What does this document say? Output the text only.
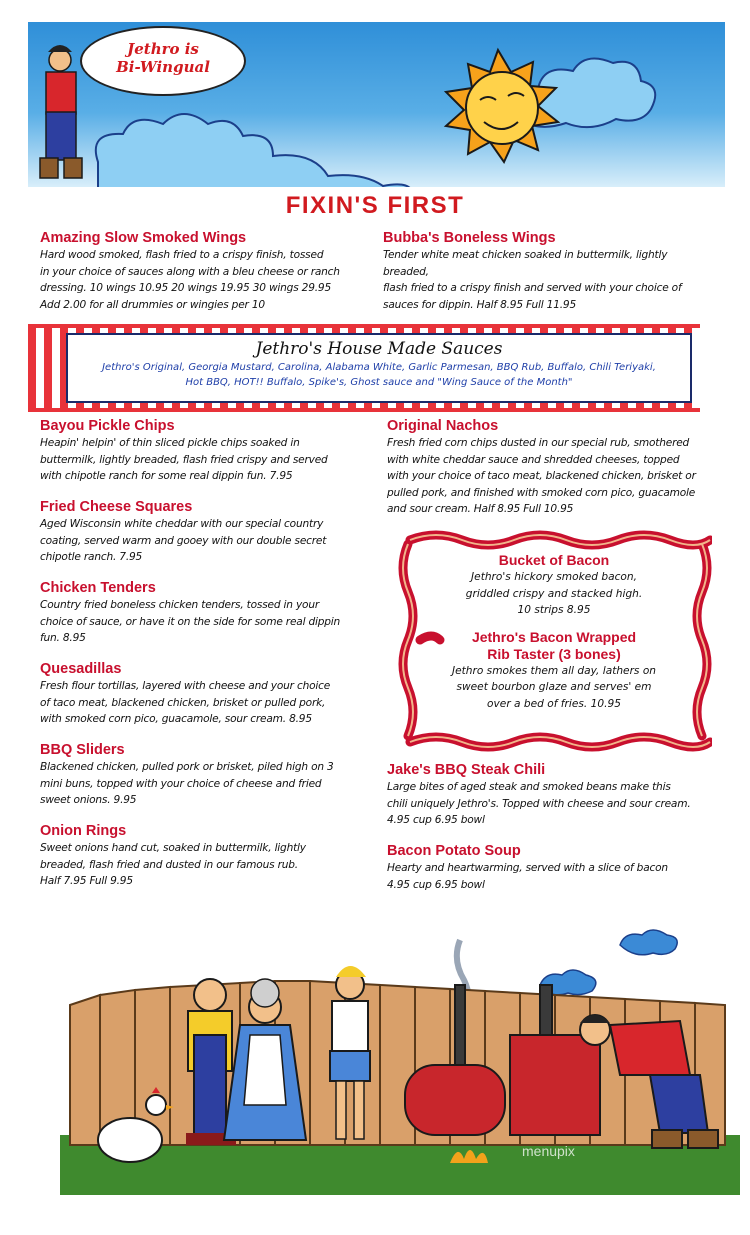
Jethro is
Bi-Wingual
FIXIN'S FIRST
Amazing Slow Smoked Wings
Hard wood smoked, flash fried to a crispy finish, tossed
in your choice of sauces along with a bleu cheese or ranch
dressing. 10 wings 10.95 20 wings 19.95 30 wings 29.95
Add 2.00 for all drummies or wingies per 10
Bubba's Boneless Wings
Tender white meat chicken soaked in buttermilk, lightly breaded,
flash fried to a crispy finish and served with your choice of
sauces for dippin. Half 8.95 Full 11.95
Jethro's House Made Sauces
Jethro's Original, Georgia Mustard, Carolina, Alabama White, Garlic Parmesan, BBQ Rub, Buffalo, Chili Teriyaki,
Hot BBQ, HOT!! Buffalo, Spike's, Ghost sauce and "Wing Sauce of the Month"
Bayou Pickle Chips
Heapin' helpin' of thin sliced pickle chips soaked in
buttermilk, lightly breaded, flash fried crispy and served
with chipotle ranch for some real dippin fun. 7.95
Fried Cheese Squares
Aged Wisconsin white cheddar with our special country
coating, served warm and gooey with our double secret
chipotle ranch. 7.95
Chicken Tenders
Country fried boneless chicken tenders, tossed in your
choice of sauce, or have it on the side for some real dippin
fun. 8.95
Quesadillas
Fresh flour tortillas, layered with cheese and your choice
of taco meat, blackened chicken, brisket or pulled pork,
with smoked corn pico, guacamole, sour cream. 8.95
BBQ Sliders
Blackened chicken, pulled pork or brisket, piled high on 3
mini buns, topped with your choice of cheese and fried
sweet onions. 9.95
Onion Rings
Sweet onions hand cut, soaked in buttermilk, lightly
breaded, flash fried and dusted in our famous rub.
Half 7.95 Full 9.95
Original Nachos
Fresh fried corn chips dusted in our special rub, smothered
with white cheddar sauce and shredded cheeses, topped
with your choice of taco meat, blackened chicken, brisket or
pulled pork, and finished with smoked corn pico, guacamole
and sour cream. Half 8.95 Full 10.95
Bucket of Bacon
Jethro's hickory smoked bacon,
griddled crispy and stacked high.
10 strips 8.95
Jethro's Bacon Wrapped
Rib Taster (3 bones)
Jethro smokes them all day, lathers on
sweet bourbon glaze and serves' em
over a bed of fries. 10.95
Jake's BBQ Steak Chili
Large bites of aged steak and smoked beans make this
chili uniquely Jethro's. Topped with cheese and sour cream.
4.95 cup 6.95 bowl
Bacon Potato Soup
Hearty and heartwarming, served with a slice of bacon
4.95 cup 6.95 bowl
menupix
